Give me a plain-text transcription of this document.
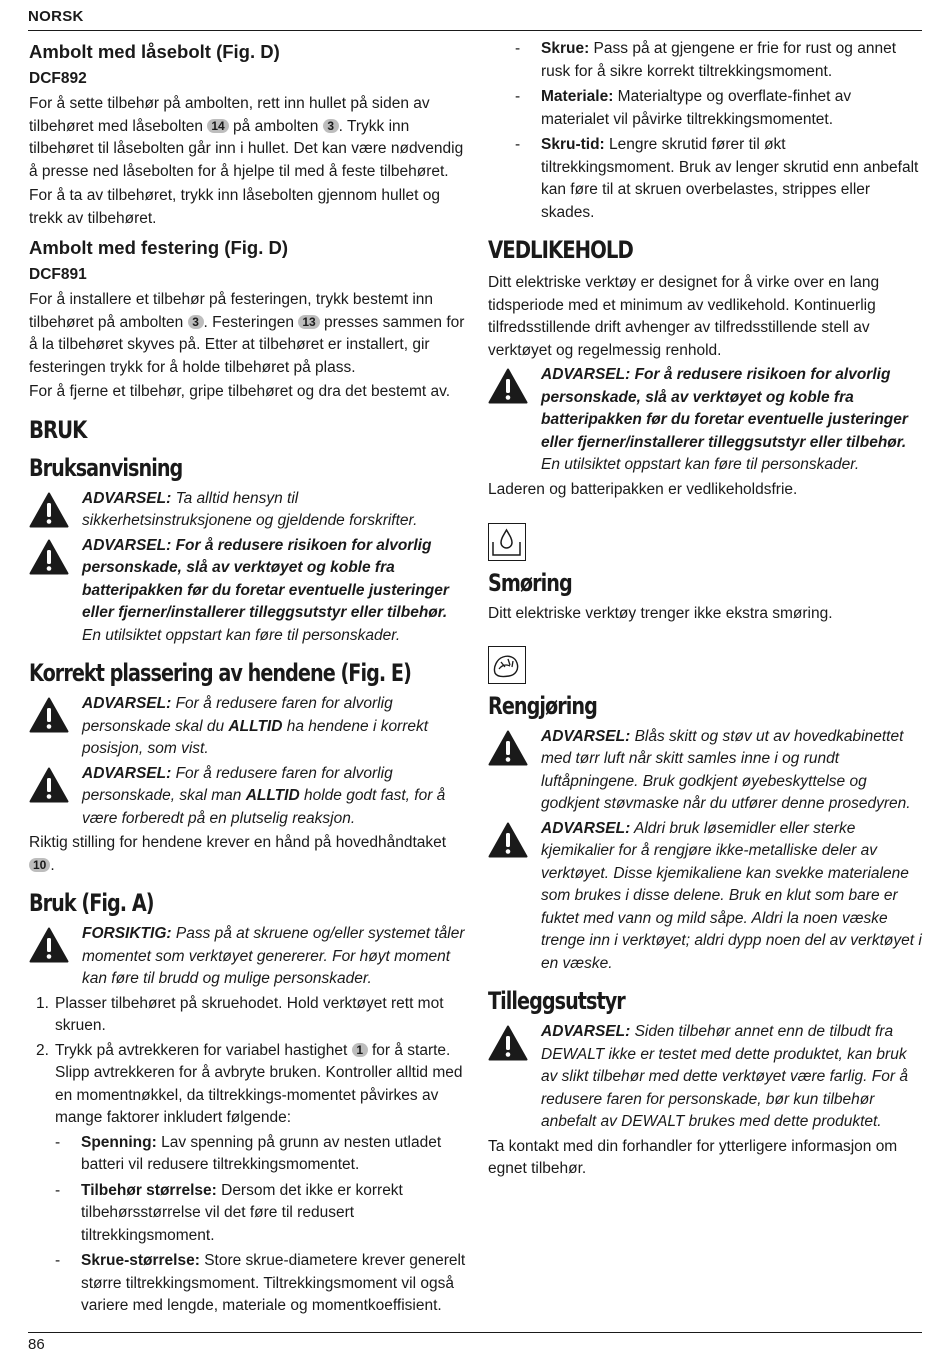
NORSK
Ambolt med låsebolt (Fig. D)
DCF892

For å sette tilbehør på ambolten, rett inn hullet på siden av tilbehøret med låsebolten 14 på ambolten 3 . Trykk inn tilbehøret til låsebolten går inn i hullet. Det kan være nødvendig å presse ned låsebolten for å hjelpe til med å feste tilbehøret.

For å ta av tilbehøret, trykk inn låsebolten gjennom hullet og trekk av tilbehøret.

Ambolt med festering (Fig. D)
DCF891

For å installere et tilbehør på festeringen, trykk bestemt inn tilbehøret på ambolten 3 . Festeringen 13 presses sammen for å la tilbehøret skyves på. Etter at tilbehøret er installert, gir festeringen trykk for å holde tilbehøret på plass.

For å fjerne et tilbehør, gripe tilbehøret og dra det bestemt av.

BRUK
Bruksanvisning

ADVARSEL: Ta alltid hensyn til sikkerhetsinstruksjonene og gjeldende forskrifter.

ADVARSEL: For å redusere risikoen for alvorlig personskade, slå av verktøyet og koble fra batteripakken før du foretar eventuelle justeringer eller fjerner/installerer tilleggsutstyr eller tilbehør. En utilsiktet oppstart kan føre til personskader.

Korrekt plassering av hendene (Fig. E)

ADVARSEL: For å redusere faren for alvorlig personskade skal du ALLTID ha hendene i korrekt posisjon, som vist.

ADVARSEL: For å redusere faren for alvorlig personskade, skal man ALLTID holde godt fast, for å være forberedt på en plutselig reaksjon.

Riktig stilling for hendene krever en hånd på hovedhåndtaket 10 .

Bruk (Fig. A)

FORSIKTIG: Pass på at skruene og/eller systemet tåler momentet som verktøyet genererer. For høyt moment kan føre til brudd og mulige personskader.

1. Plasser tilbehøret på skruehodet. Hold verktøyet rett mot skruen.
2. Trykk på avtrekkeren for variabel hastighet 1 for å starte. Slipp avtrekkeren for å avbryte bruken. Kontroller alltid med en momentnøkkel, da tiltrekkings-momentet påvirkes av mange faktorer inkludert følgende:
- Spenning: Lav spenning på grunn av nesten utladet batteri vil redusere tiltrekkingsmomentet.
- Tilbehør størrelse: Dersom det ikke er korrekt tilbehørsstørrelse vil det føre til redusert tiltrekkingsmoment.
- Skrue-størrelse: Store skrue-diametere krever generelt større tiltrekkingsmoment. Tiltrekkingsmoment vil også variere med lengde, materiale og momentkoeffisient.
- Skrue: Pass på at gjengene er frie for rust og annet rusk for å sikre korrekt tiltrekkingsmoment.
- Materiale: Materialtype og overflate-finhet av materialet vil påvirke tiltrekkingsmomentet.
- Skru-tid: Lengre skrutid fører til økt tiltrekkingsmoment. Bruk av lenger skrutid enn anbefalt kan føre til at skruen overbelastes, strippes eller skades.
VEDLIKEHOLD

Ditt elektriske verktøy er designet for å virke over en lang tidsperiode med et minimum av vedlikehold. Kontinuerlig tilfredsstillende drift avhenger av tilfredsstillende stell av verktøyet og regelmessig renhold.

ADVARSEL: For å redusere risikoen for alvorlig personskade, slå av verktøyet og koble fra batteripakken før du foretar eventuelle justeringer eller fjerner/installerer tilleggsutstyr eller tilbehør. En utilsiktet oppstart kan føre til personskader.

Laderen og batteripakken er vedlikeholdsfrie.

Smøring

Ditt elektriske verktøy trenger ikke ekstra smøring.

Rengjøring

ADVARSEL: Blås skitt og støv ut av hovedkabinettet med tørr luft når skitt samles inne i og rundt luftåpningene. Bruk godkjent øyebeskyttelse og godkjent støvmaske når du utfører denne prosedyren.

ADVARSEL: Aldri bruk løsemidler eller sterke kjemikalier for å rengjøre ikke-metalliske deler av verktøyet. Disse kjemikaliene kan svekke materialene som brukes i disse delene. Bruk en klut som bare er fuktet med vann og mild såpe. Aldri la noen væske trenge inn i verktøyet; aldri dypp noen del av verktøyet i en væske.

Tilleggsutstyr

ADVARSEL: Siden tilbehør annet enn de tilbudt fra DEWALT ikke er testet med dette produktet, kan bruk av slikt tilbehør med dette verktøyet være farlig. For å redusere faren for personskade, bør kun tilbehør anbefalt av DEWALT brukes med dette produktet.

Ta kontakt med din forhandler for ytterligere informasjon om egnet tilbehør.

86
